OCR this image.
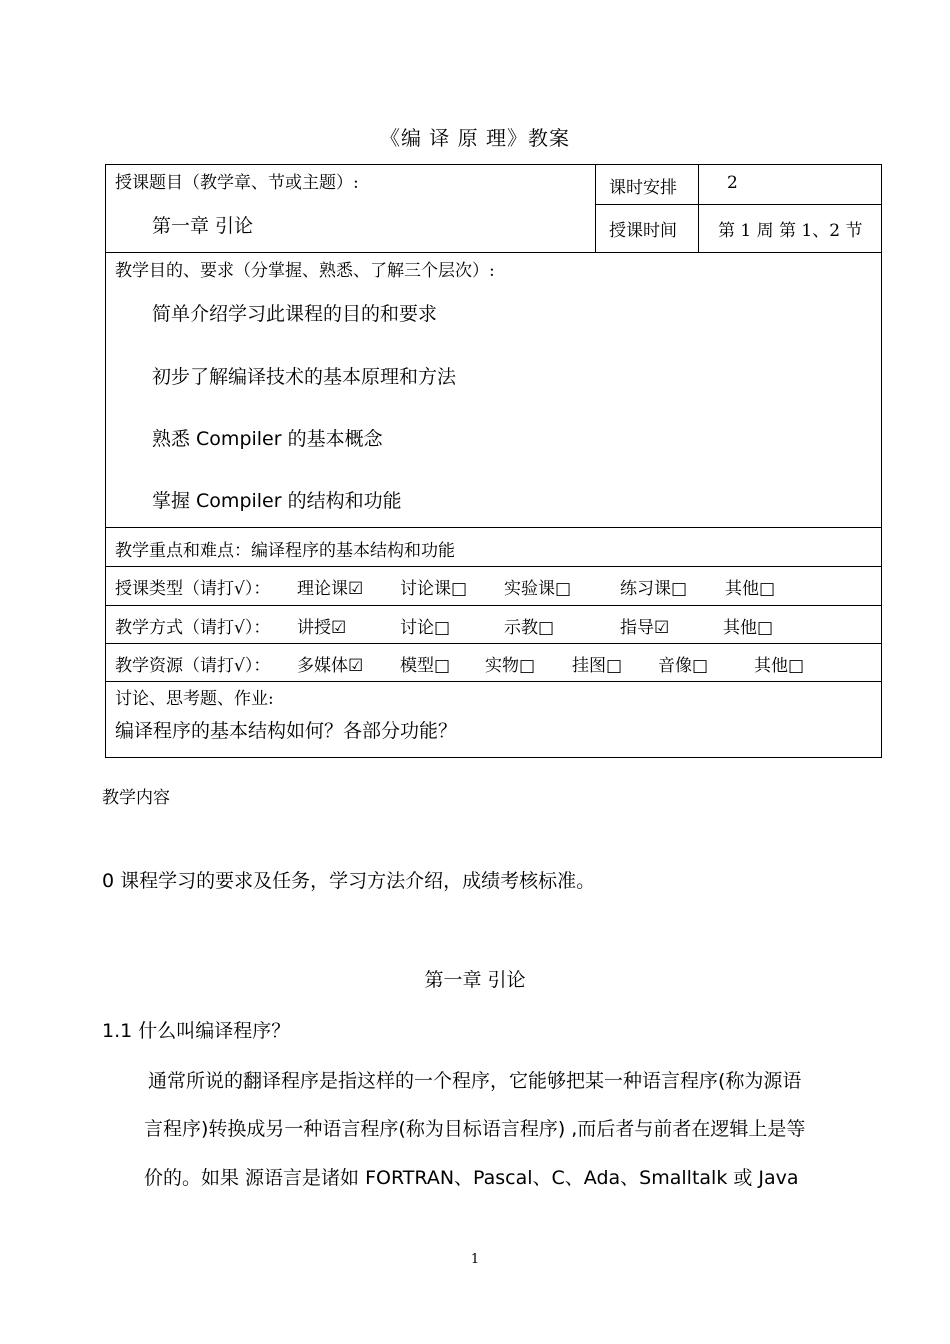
《编 译 原 理》教案
授课题目（教学章、节或主题）:
第一章 引论
课时安排	2
授课时间 第 1 周 第 1、2 节
教学目的、要求（分掌握、熟悉、了解三个层次）:
简单介绍学习此课程的目的和要求
初步了解编译技术的基本原理和方法
熟悉 Compiler 的基本概念
掌握 Compiler 的结构和功能
教学重点和难点：编译程序的基本结构和功能
授课类型（请打√）： 理论课☑ 讨论课□ 实验课□	练习课□ 其他□
教学方式（请打√）： 讲授☑	讨论□	示教□	指导☑	其他□
教学资源（请打√）： 多媒体☑ 模型□ 实物□ 挂图□ 音像□	其他□
讨论、思考题、作业:
编译程序的基本结构如何？各部分功能？
教学内容
0 课程学习的要求及任务，学习方法介绍，成绩考核标准。
第一章 引论
1.1 什么叫编译程序？
通常所说的翻译程序是指这样的一个程序，它能够把某一种语言程序(称为源语
言程序)转换成另一种语言程序(称为目标语言程序) ,而后者与前者在逻辑上是等
价的。如果 源语言是诸如 FORTRAN、Pascal、C、Ada、Smalltalk 或 Java
1
